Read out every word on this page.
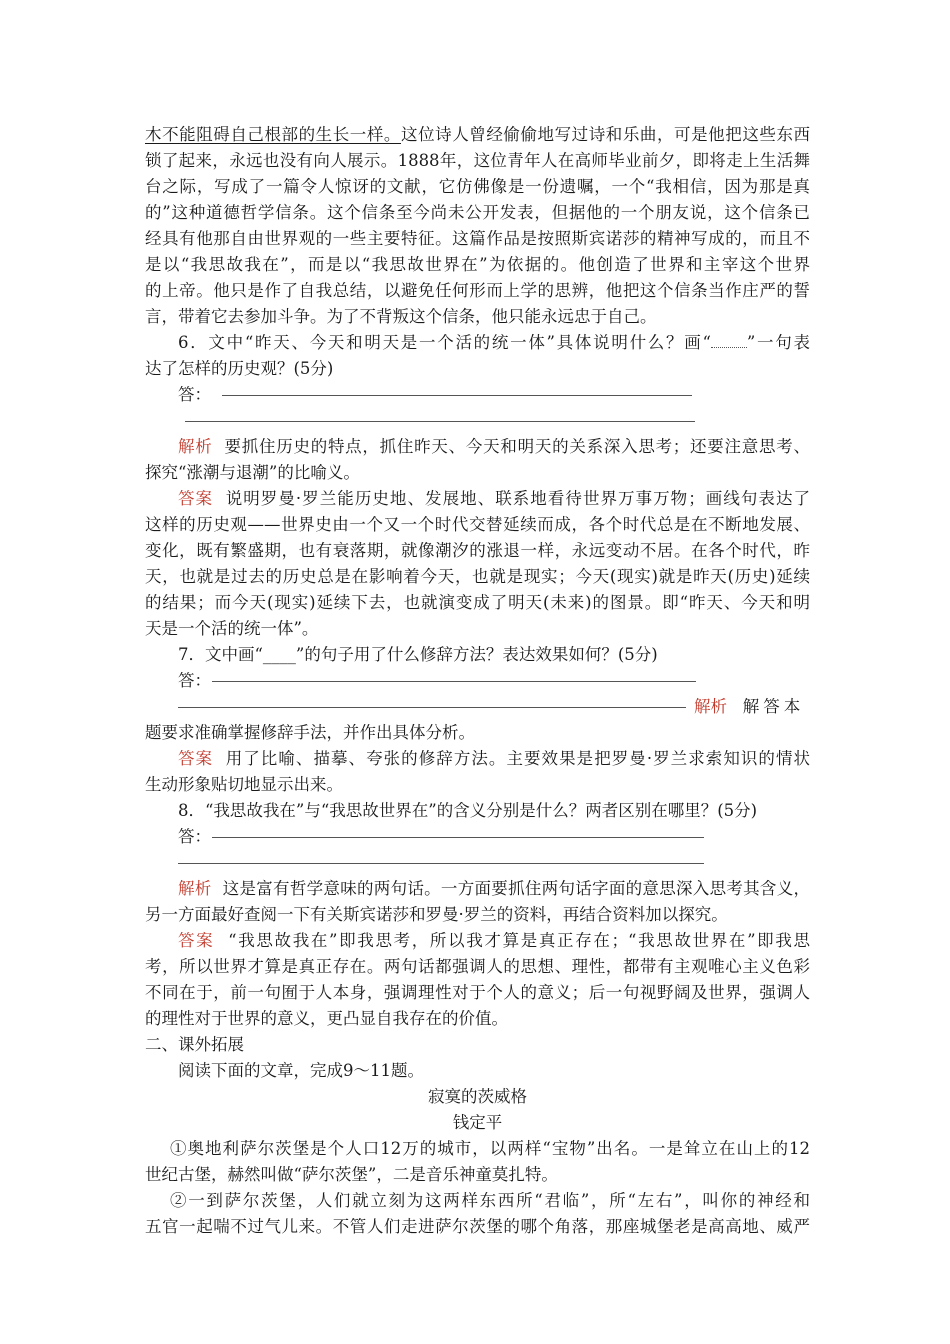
木不能阻碍自己根部的生长一样。这位诗人曾经偷偷地写过诗和乐曲，可是他把这些东西
锁了起来，永远也没有向人展示。1888年，这位青年人在高师毕业前夕，即将走上生活舞
台之际，写成了一篇令人惊讶的文献，它仿佛像是一份遗嘱，一个“我相信，因为那是真
的”这种道德哲学信条。这个信条至今尚未公开发表，但据他的一个朋友说，这个信条已
经具有他那自由世界观的一些主要特征。这篇作品是按照斯宾诺莎的精神写成的，而且不
是以“我思故我在”，而是以“我思故世界在”为依据的。他创造了世界和主宰这个世界
的上帝。他只是作了自我总结，以避免任何形而上学的思辨，他把这个信条当作庄严的誓
言，带着它去参加斗争。为了不背叛这个信条，他只能永远忠于自己。
6．文中“昨天、今天和明天是一个活的统一体”具体说明什么？画“ ”一句表
达了怎样的历史观？(5分)
答：
解析 要抓住历史的特点，抓住昨天、今天和明天的关系深入思考；还要注意思考、
探究“涨潮与退潮”的比喻义。
答案 说明罗曼·罗兰能历史地、发展地、联系地看待世界万事万物；画线句表达了
这样的历史观——世界史由一个又一个时代交替延续而成，各个时代总是在不断地发展、
变化，既有繁盛期，也有衰落期，就像潮汐的涨退一样，永远变动不居。在各个时代，昨
天，也就是过去的历史总是在影响着今天，也就是现实；今天(现实)就是昨天(历史)延续
的结果；而今天(现实)延续下去，也就演变成了明天(未来)的图景。即“昨天、今天和明
天是一个活的统一体”。
7．文中画“____”的句子用了什么修辞方法？表达效果如何？(5分)
答：
解析 解答本
题要求准确掌握修辞手法，并作出具体分析。
答案 用了比喻、描摹、夸张的修辞方法。主要效果是把罗曼·罗兰求索知识的情状
生动形象贴切地显示出来。
8．“我思故我在”与“我思故世界在”的含义分别是什么？两者区别在哪里？(5分)
答：
解析 这是富有哲学意味的两句话。一方面要抓住两句话字面的意思深入思考其含义，
另一方面最好查阅一下有关斯宾诺莎和罗曼·罗兰的资料，再结合资料加以探究。
答案 “我思故我在”即我思考，所以我才算是真正存在；“我思故世界在”即我思
考，所以世界才算是真正存在。两句话都强调人的思想、理性，都带有主观唯心主义色彩
不同在于，前一句囿于人本身，强调理性对于个人的意义；后一句视野阔及世界，强调人
的理性对于世界的意义，更凸显自我存在的价值。
二、课外拓展
阅读下面的文章，完成9～11题。
寂寞的茨威格
钱定平
①奥地利萨尔茨堡是个人口12万的城市，以两样“宝物”出名。一是耸立在山上的12
世纪古堡，赫然叫做“萨尔茨堡”，二是音乐神童莫扎特。
②一到萨尔茨堡，人们就立刻为这两样东西所“君临”，所“左右”，叫你的神经和
五官一起喘不过气儿来。不管人们走进萨尔茨堡的哪个角落，那座城堡老是高高地、威严
